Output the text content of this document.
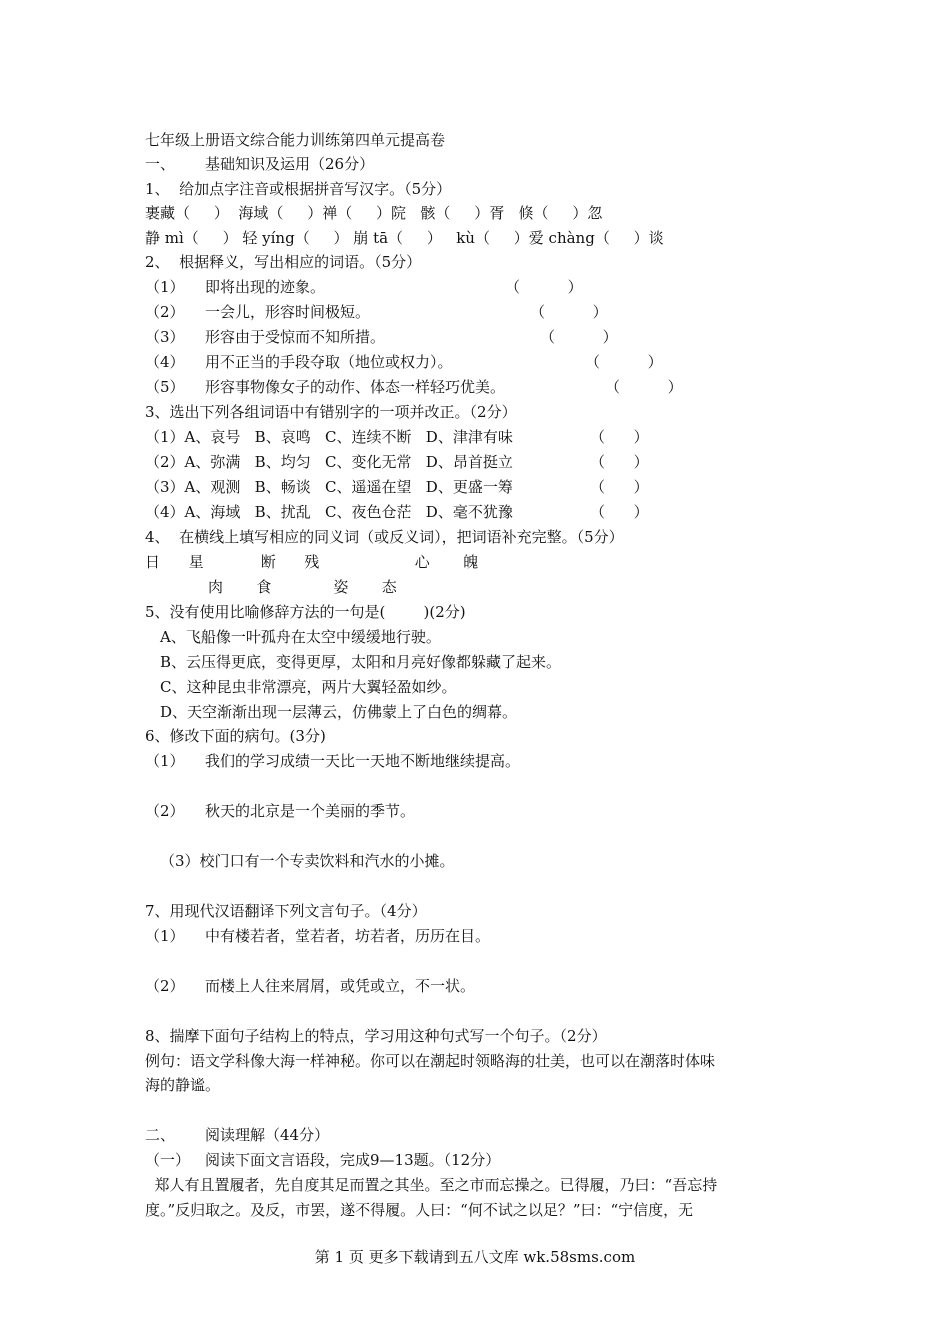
七年级上册语文综合能力训练第四单元提高卷
一、 基础知识及运用（26分）
1、  给加点字注音或根据拼音写汉字。（5分）
裹藏（     ）  海域（     ）禅（     ）院   骸（     ）胥   倏（     ）忽
静 mì（     ） 轻 yíng（     ） 崩 tā（     ）   kù（     ）爱 chàng（     ）谈
2、  根据释义，写出相应的词语。（5分）
（1） 即将出现的迹象。	（          ）
（2） 一会儿，形容时间极短。	（          ）
（3） 形容由于受惊而不知所措。	（          ）
（4） 用不正当的手段夺取（地位或权力）。	（          ）
（5） 形容事物像女子的动作、体态一样轻巧优美。	（          ）
3、选出下列各组词语中有错别字的一项并改正。（2分）
（1）A、哀号   B、哀鸣   C、连续不断   D、津津有味	（      ）
（2）A、弥满   B、均匀   C、变化无常   D、昂首挺立	（      ）
（3）A、观测   B、畅谈   C、遥遥在望   D、更盛一筹	（      ）
（4）A、海域   B、扰乱   C、夜色仓茫   D、毫不犹豫	（      ）
4、  在横线上填写相应的同义词（或反义词），把词语补充完整。（5分）
日      星            断      残                    心       魄
肉       食             姿       态
5、没有使用比喻修辞方法的一句是(        )(2分)
A、飞船像一叶孤舟在太空中缓缓地行驶。
B、云压得更底，变得更厚，太阳和月亮好像都躲藏了起来。
C、这种昆虫非常漂亮，两片大翼轻盈如纱。
D、天空渐渐出现一层薄云，仿佛蒙上了白色的绸幕。
6、修改下面的病句。(3分)
（1） 我们的学习成绩一天比一天地不断地继续提高。
（2） 秋天的北京是一个美丽的季节。
（3）校门口有一个专卖饮料和汽水的小摊。
7、用现代汉语翻译下列文言句子。（4分）
（1） 中有楼若者，堂若者，坊若者，历历在目。
（2） 而楼上人往来屑屑，或凭或立，不一状。
8、揣摩下面句子结构上的特点，学习用这种句式写一个句子。（2分）
例句：语文学科像大海一样神秘。你可以在潮起时领略海的壮美，也可以在潮落时体味
海的静谧。
二、 阅读理解（44分）
（一） 阅读下面文言语段，完成9—13题。（12分）
郑人有且置履者，先自度其足而置之其坐。至之市而忘操之。已得履，乃曰：“吾忘持
度。”反归取之。及反，市罢，遂不得履。人曰：“何不试之以足？”曰：“宁信度，无
第 1 页 更多下载请到五八文库 wk.58sms.com
